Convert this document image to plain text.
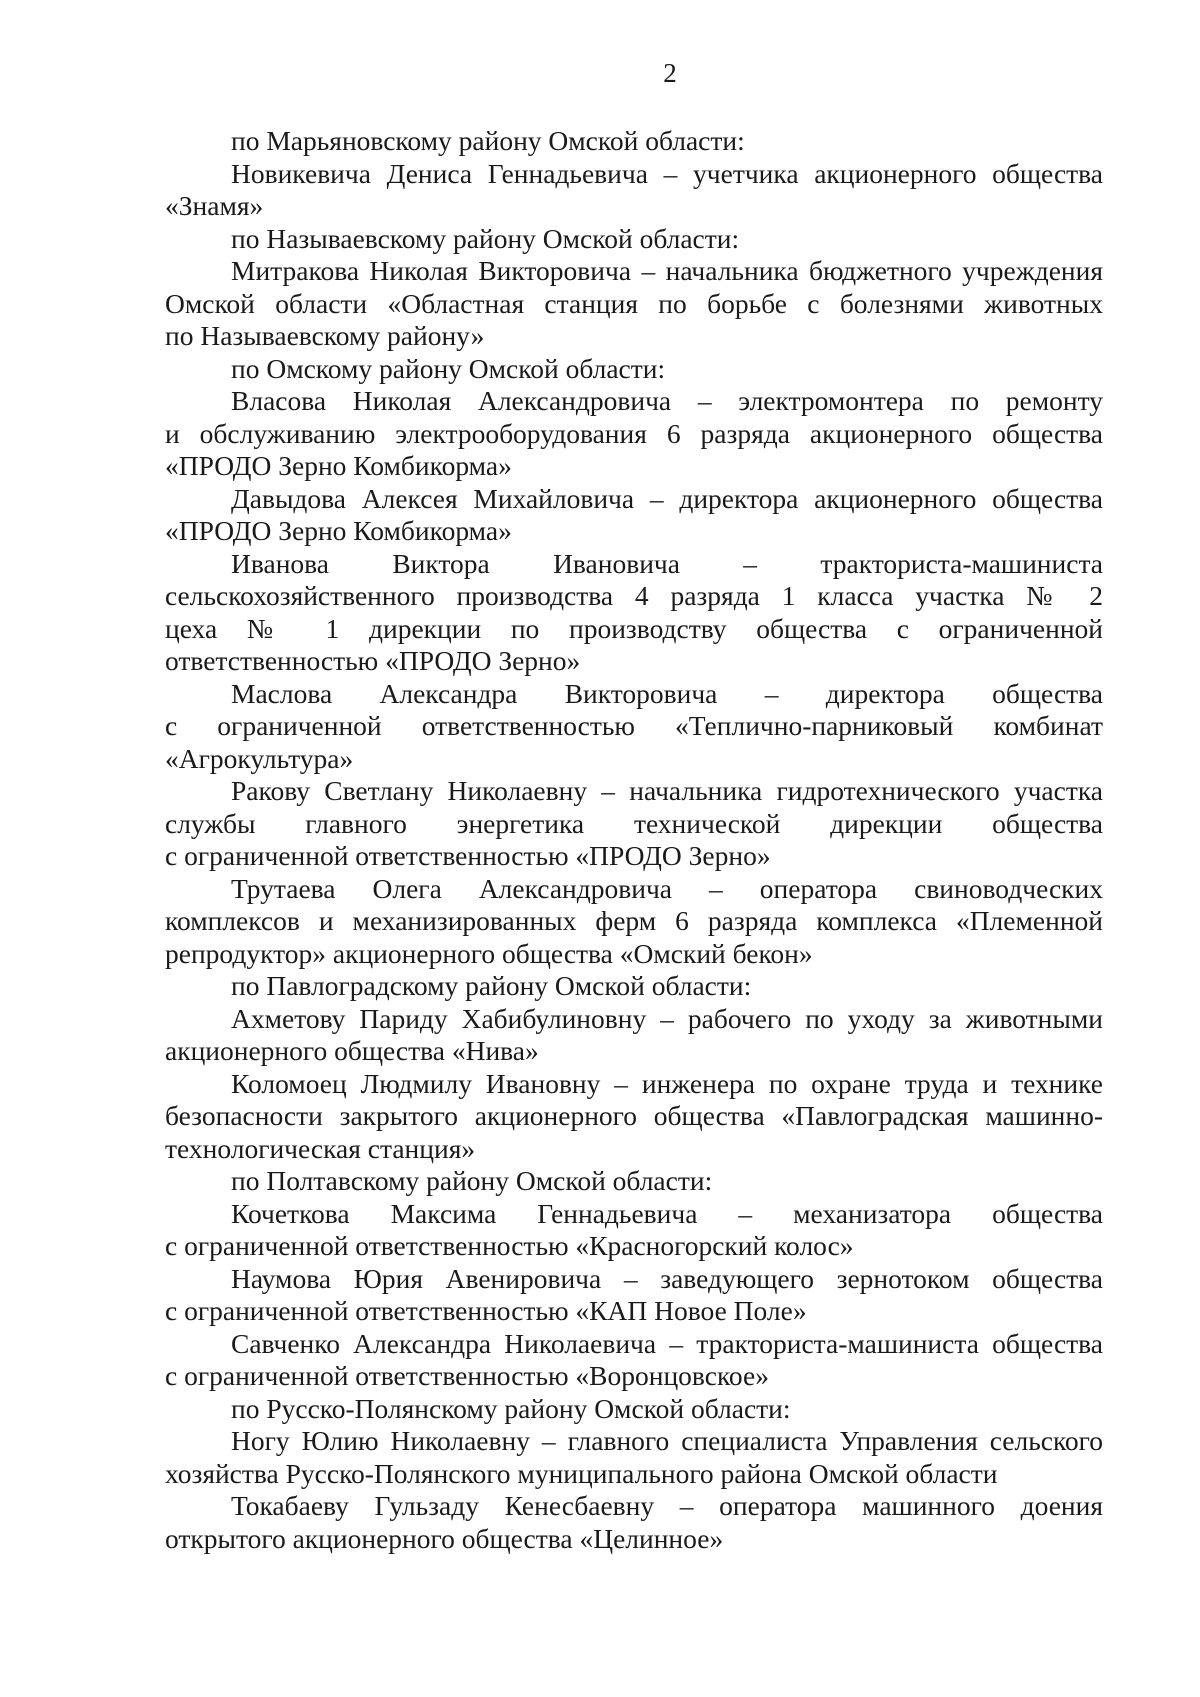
2
по Марьяновскому району Омской области:
Новикевича Дениса Геннадьевича – учетчика акционерного общества
«Знамя»
по Называевскому району Омской области:
Митракова Николая Викторовича – начальника бюджетного учреждения
Омской области «Областная станция по борьбе с болезнями животных
по Называевскому району»
по Омскому району Омской области:
Власова Николая Александровича – электромонтера по ремонту
и обслуживанию электрооборудования 6 разряда акционерного общества
«ПРОДО Зерно Комбикорма»
Давыдова Алексея Михайловича – директора акционерного общества
«ПРОДО Зерно Комбикорма»
Иванова Виктора Ивановича – тракториста-машиниста
сельскохозяйственного производства 4 разряда 1 класса участка № 2
цеха № 1 дирекции по производству общества с ограниченной
ответственностью «ПРОДО Зерно»
Маслова Александра Викторовича – директора общества
с ограниченной ответственностью «Теплично-парниковый комбинат
«Агрокультура»
Ракову Светлану Николаевну – начальника гидротехнического участка
службы главного энергетика технической дирекции общества
с ограниченной ответственностью «ПРОДО Зерно»
Трутаева Олега Александровича – оператора свиноводческих
комплексов и механизированных ферм 6 разряда комплекса «Племенной
репродуктор» акционерного общества «Омский бекон»
по Павлоградскому району Омской области:
Ахметову Париду Хабибулиновну – рабочего по уходу за животными
акционерного общества «Нива»
Коломоец Людмилу Ивановну – инженера по охране труда и технике
безопасности закрытого акционерного общества «Павлоградская машинно-
технологическая станция»
по Полтавскому району Омской области:
Кочеткова Максима Геннадьевича – механизатора общества
с ограниченной ответственностью «Красногорский колос»
Наумова Юрия Авенировича – заведующего зернотоком общества
с ограниченной ответственностью «КАП Новое Поле»
Савченко Александра Николаевича – тракториста-машиниста общества
с ограниченной ответственностью «Воронцовское»
по Русско-Полянскому району Омской области:
Ногу Юлию Николаевну – главного специалиста Управления сельского
хозяйства Русско-Полянского муниципального района Омской области
Токабаеву Гульзаду Кенесбаевну – оператора машинного доения
открытого акционерного общества «Целинное»
